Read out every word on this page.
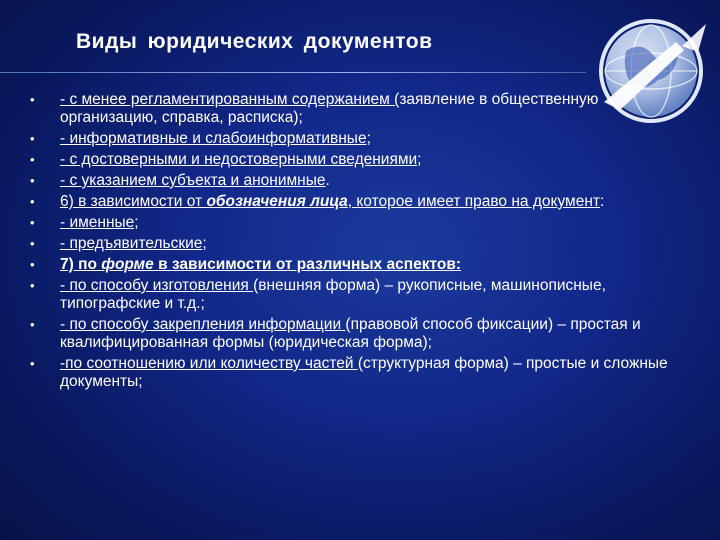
Виды юридических документов
• - с менее регламентированным содержанием (заявление в общественную организацию, справка, расписка);
• - информативные и слабоинформативные;
• - с достоверными и недостоверными сведениями;
• - с указанием субъекта и анонимные.
• 6) в зависимости от обозначения лица, которое имеет право на документ:
• - именные;
• - предъявительские;
• 7) по форме в зависимости от различных аспектов:
• - по способу изготовления (внешняя форма) – рукописные, машинописные, типографские и т.д.;
• - по способу закрепления информации (правовой способ фиксации) – простая и квалифицированная формы (юридическая форма);
• -по соотношению или количеству частей (структурная форма) – простые и сложные документы;
